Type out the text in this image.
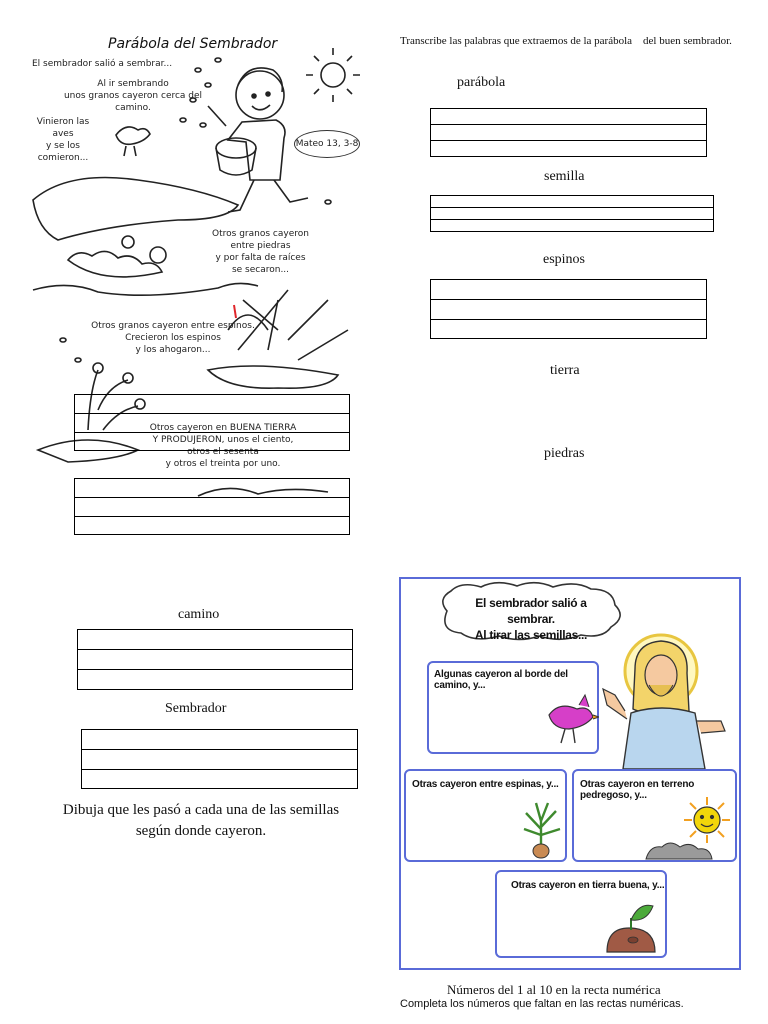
Parábola del Sembrador
El sembrador salió a sembrar...
Al ir sembrando
unos granos cayeron cerca del camino.
Vinieron las aves
y se los
comieron...
Mateo 13, 3-8
Otros granos cayeron
entre piedras
y por falta de raíces
se secaron...
Otros granos cayeron entre espinos.
Crecieron los espinos
y los ahogaron...
Otros cayeron en BUENA TIERRA
Y PRODUJERON, unos el ciento,
otros el sesenta
y otros el treinta por uno.
Transcribe las palabras que extraemos de la parábola    del buen sembrador.
parábola
semilla
espinos
tierra
piedras
camino
Sembrador
Dibuja que les pasó a cada una de las semillas
según donde cayeron.
El sembrador salió a sembrar.
Al tirar las semillas...
Algunas cayeron al borde del camino, y...
Otras cayeron entre espinas, y...	Otras cayeron en terreno pedregoso, y...
Otras cayeron en tierra buena, y...
Números del 1 al 10 en la recta numérica
Completa los números que faltan en las rectas numéricas.
